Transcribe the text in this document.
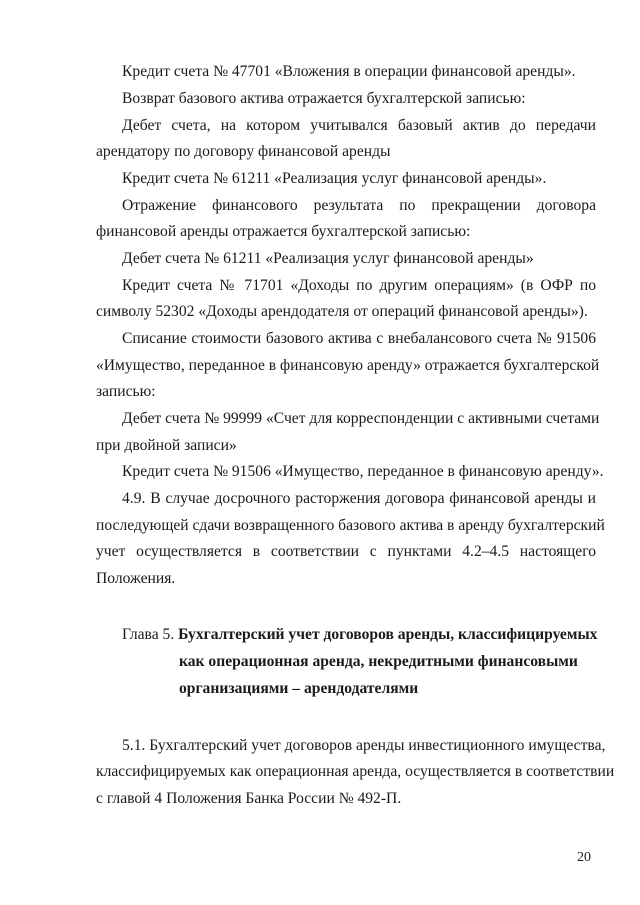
Кредит счета № 47701 «Вложения в операции финансовой аренды».
Возврат базового актива отражается бухгалтерской записью:
Дебет счета, на котором учитывался базовый актив до передачи
арендатору по договору финансовой аренды
Кредит счета № 61211 «Реализация услуг финансовой аренды».
Отражение финансового результата по прекращении договора
финансовой аренды отражается бухгалтерской записью:
Дебет счета № 61211 «Реализация услуг финансовой аренды»
Кредит счета № 71701 «Доходы по другим операциям» (в ОФР по
символу 52302 «Доходы арендодателя от операций финансовой аренды»).
Списание стоимости базового актива с внебалансового счета № 91506
«Имущество, переданное в финансовую аренду» отражается бухгалтерской
записью:
Дебет счета № 99999 «Счет для корреспонденции с активными счетами
при двойной записи»
Кредит счета № 91506 «Имущество, переданное в финансовую аренду».
4.9. В случае досрочного расторжения договора финансовой аренды и
последующей сдачи возвращенного базового актива в аренду бухгалтерский
учет осуществляется в соответствии с пунктами 4.2–4.5 настоящего
Положения.
Глава 5. Бухгалтерский учет договоров аренды, классифицируемых
как операционная аренда, некредитными финансовыми
организациями – арендодателями
5.1. Бухгалтерский учет договоров аренды инвестиционного имущества,
классифицируемых как операционная аренда, осуществляется в соответствии
с главой 4 Положения Банка России № 492-П.
20
